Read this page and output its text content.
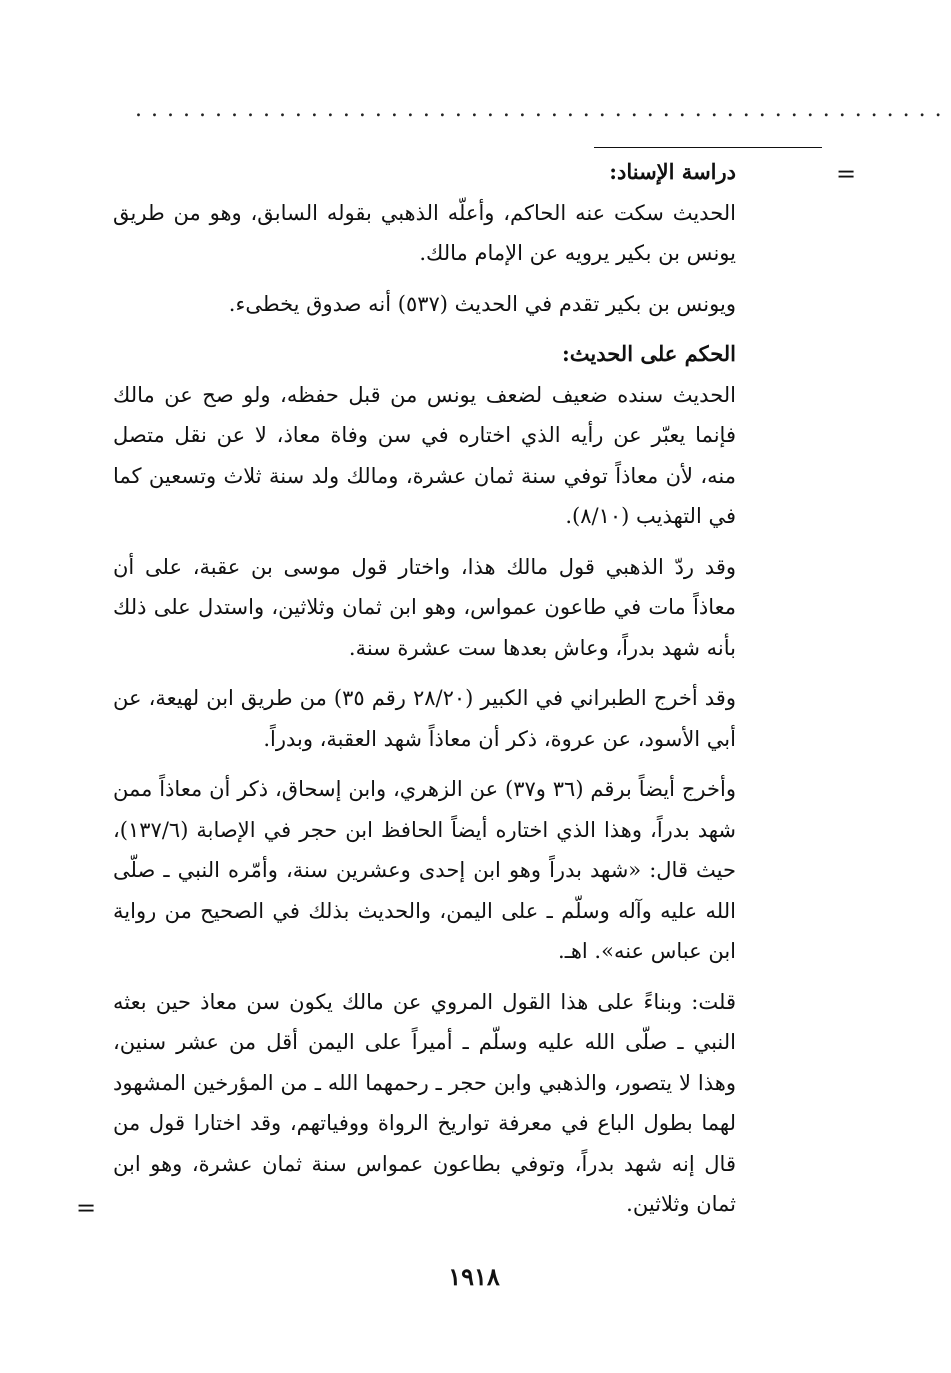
...................................................
=

دراسة الإسناد:

الحديث سكت عنه الحاكم، وأعلّه الذهبي بقوله السابق، وهو من طريق يونس بن بكير يرويه عن الإمام مالك.

ويونس بن بكير تقدم في الحديث (٥٣٧) أنه صدوق يخطىء.

الحكم على الحديث:

الحديث سنده ضعيف لضعف يونس من قبل حفظه، ولو صح عن مالك فإنما يعبّر عن رأيه الذي اختاره في سن وفاة معاذ، لا عن نقل متصل منه، لأن معاذاً توفي سنة ثمان عشرة، ومالك ولد سنة ثلاث وتسعين كما في التهذيب (٨/١٠).

وقد ردّ الذهبي قول مالك هذا، واختار قول موسى بن عقبة، على أن معاذاً مات في طاعون عمواس، وهو ابن ثمان وثلاثين، واستدل على ذلك بأنه شهد بدراً، وعاش بعدها ست عشرة سنة.

وقد أخرج الطبراني في الكبير (٢٨/٢٠ رقم ٣٥) من طريق ابن لهيعة، عن أبي الأسود، عن عروة، ذكر أن معاذاً شهد العقبة، وبدراً.

وأخرج أيضاً برقم (٣٦ و٣٧) عن الزهري، وابن إسحاق، ذكر أن معاذاً ممن شهد بدراً، وهذا الذي اختاره أيضاً الحافظ ابن حجر في الإصابة (١٣٧/٦)، حيث قال: «شهد بدراً وهو ابن إحدى وعشرين سنة، وأمّره النبي ـ صلّى الله عليه وآله وسلّم ـ على اليمن، والحديث بذلك في الصحيح من رواية ابن عباس عنه». اهـ.

قلت: وبناءً على هذا القول المروي عن مالك يكون سن معاذ حين بعثه النبي ـ صلّى الله عليه وسلّم ـ أميراً على اليمن أقل من عشر سنين، وهذا لا يتصور، والذهبي وابن حجر ـ رحمهما الله ـ من المؤرخين المشهود لهما بطول الباع في معرفة تواريخ الرواة ووفياتهم، وقد اختارا قول من قال إنه شهد بدراً، وتوفي بطاعون عمواس سنة ثمان عشرة، وهو ابن ثمان وثلاثين.

=
١٩١٨
